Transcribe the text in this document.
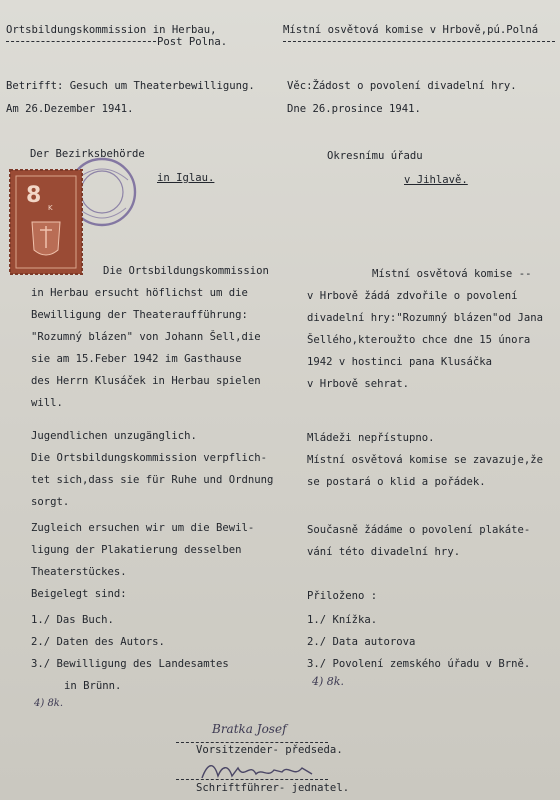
Ortsbildungskommission in Herbau,
Post Polna.
Místní osvětová komise v Hrbově,pú.Polná
Betrifft: Gesuch um Theaterbewilligung.	Věc:Žádost o povolení divadelní hry.
Am 26.Dezember 1941.	Dne 26.prosince 1941.
Der Bezirksbehörde
in Iglau.
Okresnímu úřadu
v Jihlavě.
8 K
Die Ortsbildungskommission
in Herbau ersucht höflichst um die
Bewilligung der Theateraufführung:
"Rozumný blázen" von Johann Šell,die
sie am 15.Feber 1942 im Gasthause
des Herrn Klusáček in Herbau spielen
will.
Jugendlichen unzugänglich.
Die Ortsbildungskommission verpflich-
tet sich,dass sie für Ruhe und Ordnung
sorgt.
Zugleich ersuchen wir um die Bewil-
ligung der Plakatierung desselben
Theaterstückes.
Beigelegt sind:
1./ Das Buch.
2./ Daten des Autors.
3./ Bewilligung des Landesamtes
in Brünn.
Místní osvětová komise --
v Hrbově žádá zdvořile o povolení
divadelní hry:"Rozumný blázen"od Jana
Šellého,kteroužto chce dne 15 února
1942 v hostinci pana Klusáčka
v Hrbově sehrat.
Mládeži nepřístupno.
Místní osvětová komise se zavazuje,že
se postará o klid a pořádek.
Současně žádáme o povolení plakáte-
vání této divadelní hry.
Přiloženo :
1./ Knížka.
2./ Data autorova
3./ Povolení zemského úřadu v Brně.
4) 8k.
4) 8k.
Bratka Josef
Vorsitzender- předseda.
Schriftführer- jednatel.
